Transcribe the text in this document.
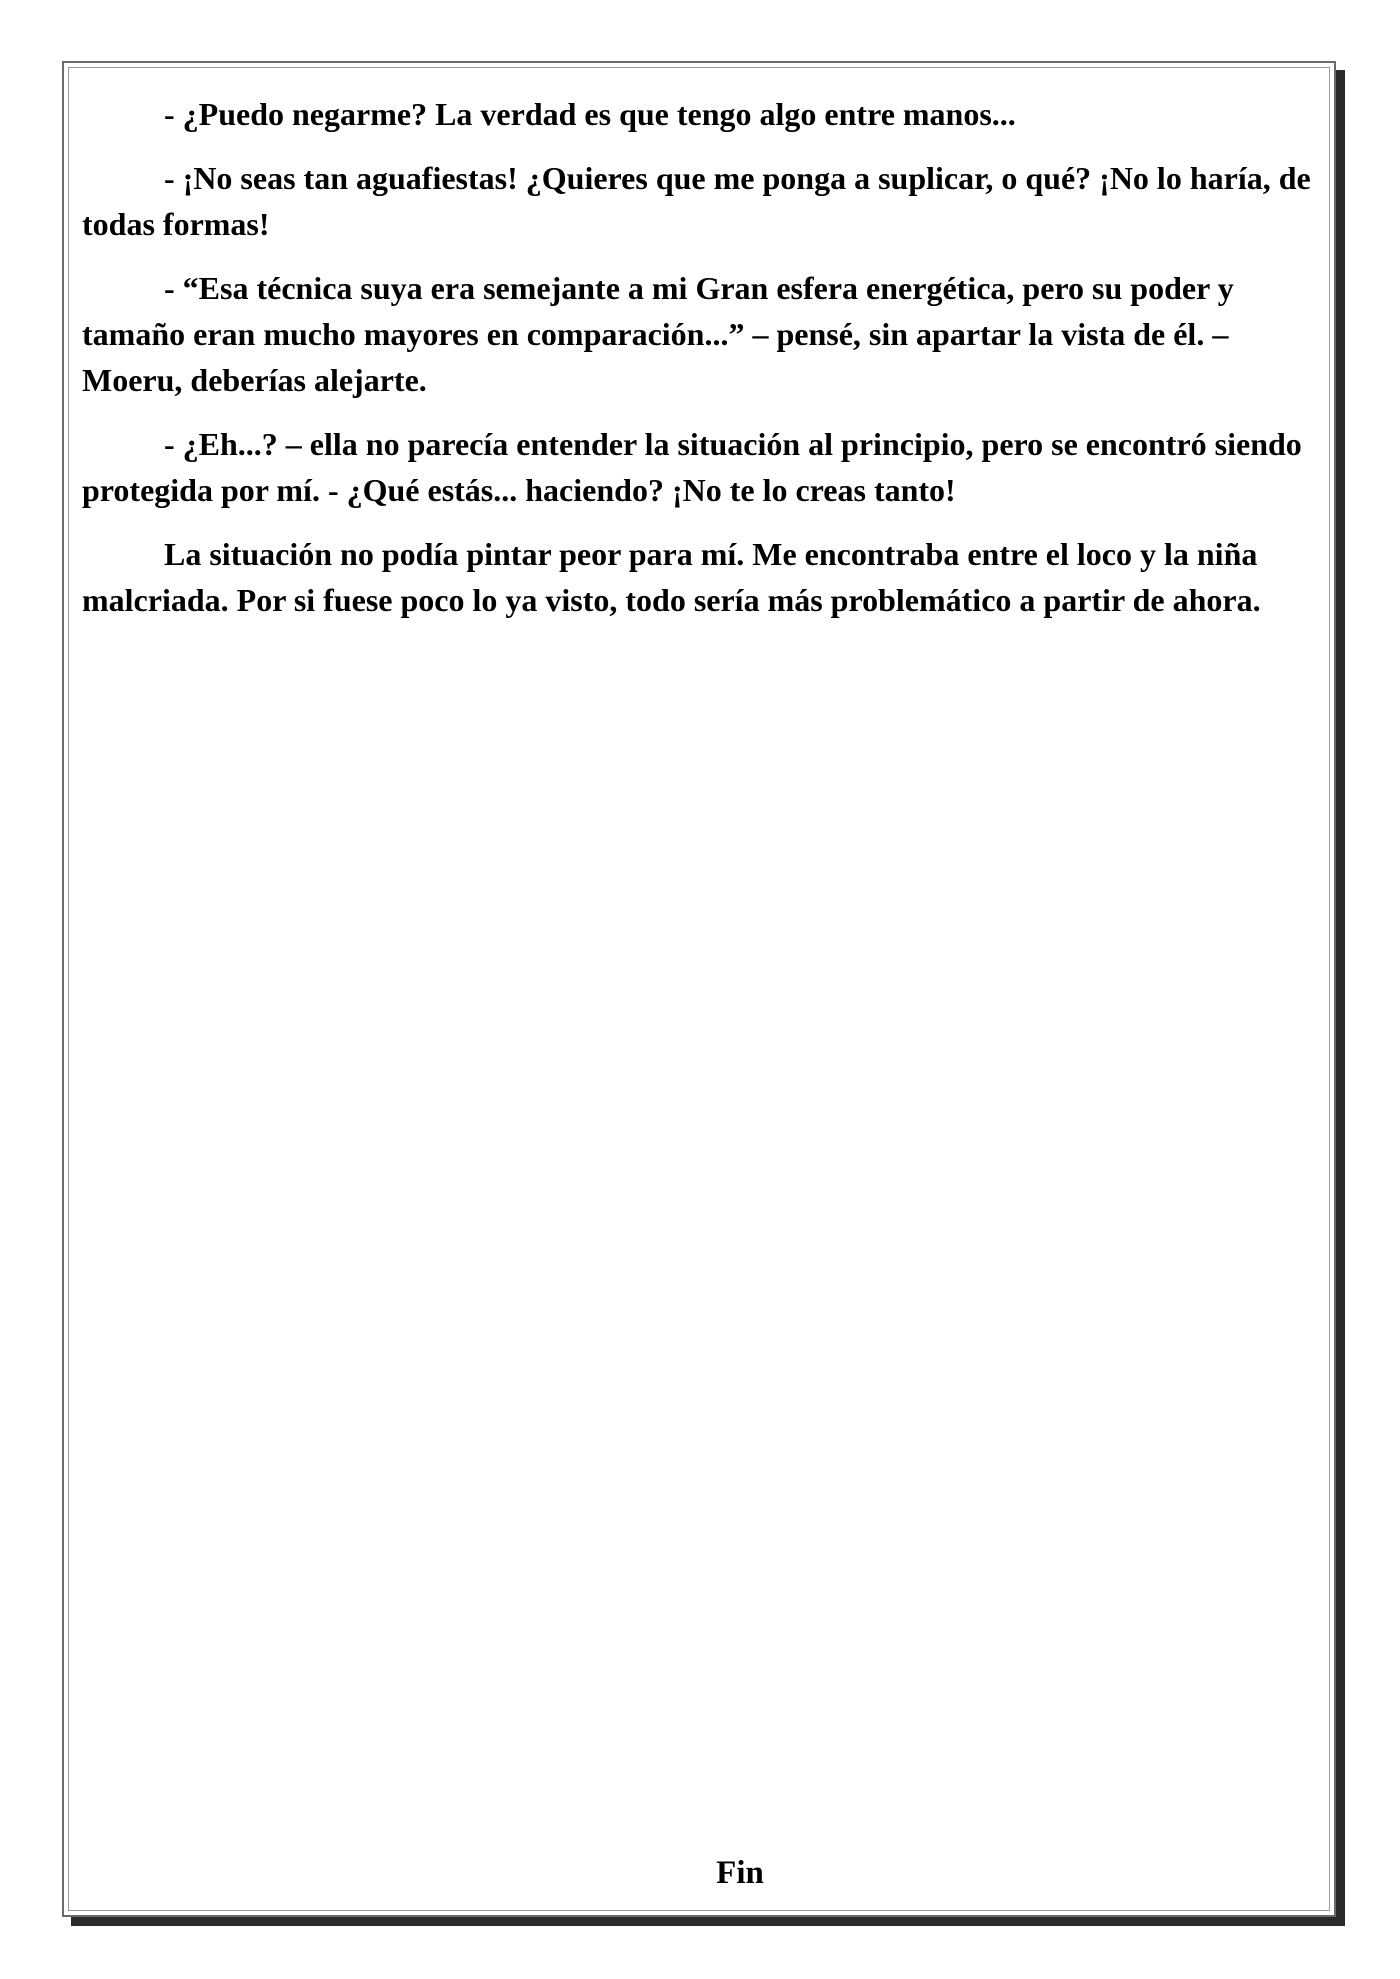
- ¿Puedo negarme? La verdad es que tengo algo entre manos...

- ¡No seas tan aguafiestas! ¿Quieres que me ponga a suplicar, o qué? ¡No lo haría, de todas formas!

- “Esa técnica suya era semejante a mi Gran esfera energética, pero su poder y tamaño eran mucho mayores en comparación...” – pensé, sin apartar la vista de él. – Moeru, deberías alejarte.

- ¿Eh...? – ella no parecía entender la situación al principio, pero se encontró siendo protegida por mí. - ¿Qué estás... haciendo? ¡No te lo creas tanto!

La situación no podía pintar peor para mí. Me encontraba entre el loco y la niña malcriada. Por si fuese poco lo ya visto, todo sería más problemático a partir de ahora.

Fin
